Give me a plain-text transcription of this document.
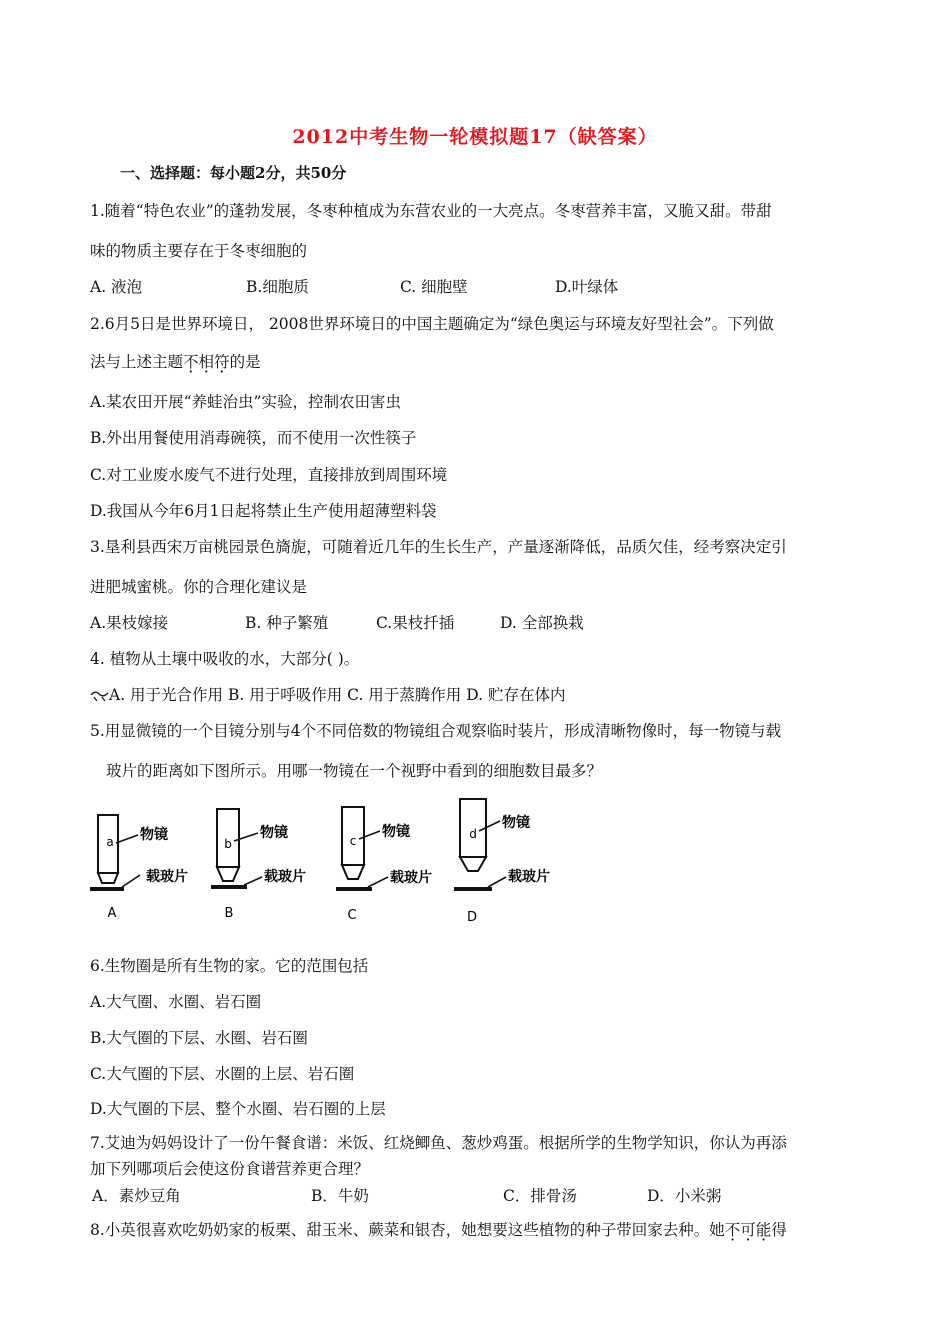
2012中考生物一轮模拟题17（缺答案）
一、选择题：每小题2分，共50分
1.随着“特色农业”的蓬勃发展，冬枣种植成为东营农业的一大亮点。冬枣营养丰富，又脆又甜。带甜
味的物质主要存在于冬枣细胞的
A. 液泡	B.细胞质	C. 细胞壁	D.叶绿体
2.6月5日是世界环境日， 2008世界环境日的中国主题确定为“绿色奥运与环境友好型社会”。下列做
法与上述主题不相符的是
A.某农田开展“养蛙治虫”实验，控制农田害虫
B.外出用餐使用消毒碗筷，而不使用一次性筷子
C.对工业废水废气不进行处理，直接排放到周围环境
D.我国从今年6月1日起将禁止生产使用超薄塑料袋
3.垦利县西宋万亩桃园景色旖旎，可随着近几年的生长生产，产量逐渐降低，品质欠佳，经考察决定引
进肥城蜜桃。你的合理化建议是
A.果枝嫁接	B. 种子繁殖	C.果枝扦插	D. 全部换栽
4. 植物从土壤中吸收的水，大部分( )。
A. 用于光合作用 B. 用于呼吸作用 C. 用于蒸腾作用 D. 贮存在体内
5.用显微镜的一个目镜分别与4个不同倍数的物镜组合观察临时装片，形成清晰物像时，每一物镜与载
玻片的距离如下图所示。用哪一物镜在一个视野中看到的细胞数目最多？
a 物镜
载玻片
A
b
物镜
载玻片
B
c
物镜
载玻片
C
d
物镜
载玻片
D
6.生物圈是所有生物的家。它的范围包括
A.大气圈、水圈、岩石圈
B.大气圈的下层、水圈、岩石圈
C.大气圈的下层、水圈的上层、岩石圈
D.大气圈的下层、整个水圈、岩石圈的上层
7.艾迪为妈妈设计了一份午餐食谱：米饭、红烧鲫鱼、葱炒鸡蛋。根据所学的生物学知识，你认为再添
加下列哪项后会使这份食谱营养更合理？
A．素炒豆角	B．牛奶	C．排骨汤	D．小米粥
8.小英很喜欢吃奶奶家的板栗、甜玉米、蕨菜和银杏，她想要这些植物的种子带回家去种。她不可能得
